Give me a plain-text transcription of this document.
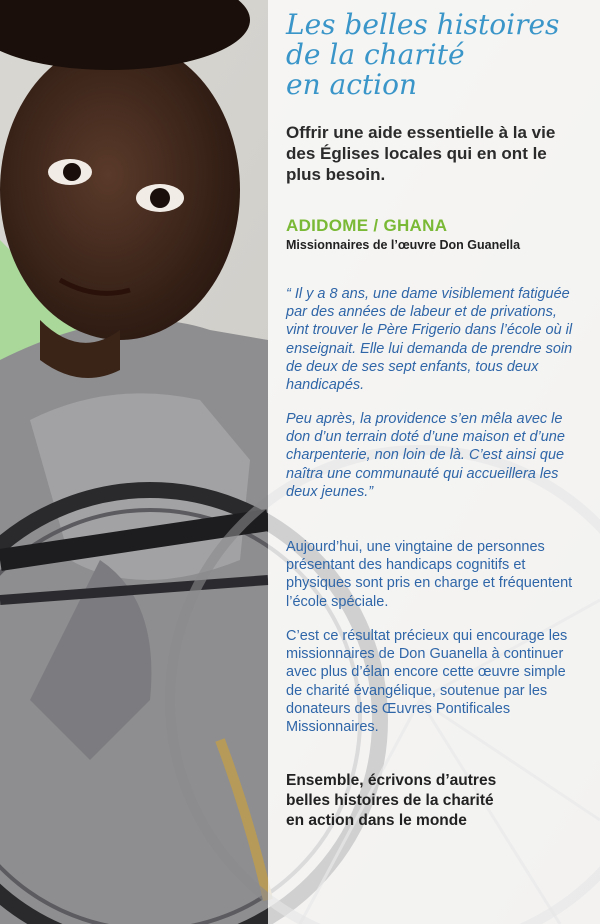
Les belles histoires
de la charité
en action
Offrir une aide essentielle à la vie des Églises locales qui en ont le plus besoin.
ADIDOME / GHANA
Missionnaires de l’œuvre Don Guanella
“ Il y a 8 ans, une dame visiblement fatiguée par des années de labeur et de privations, vint trouver le Père Frigerio dans l’école où il enseignait. Elle lui demanda de prendre soin de deux de ses sept enfants, tous deux handicapés.
Peu après, la providence s’en mêla avec le don d’un terrain doté d’une maison et d’une charpenterie, non loin de là. C’est ainsi que naîtra une communauté qui accueillera les deux jeunes.”
Aujourd’hui, une vingtaine de personnes présentant des handicaps cognitifs et physiques sont pris en charge et fréquentent l’école spéciale.
C’est ce résultat précieux qui encourage les missionnaires de Don Guanella à continuer avec plus d’élan encore cette œuvre simple de charité évangélique, soutenue par les donateurs des Œuvres Pontificales Missionnaires.
Ensemble, écrivons d’autres
belles histoires de la charité
en action dans le monde
